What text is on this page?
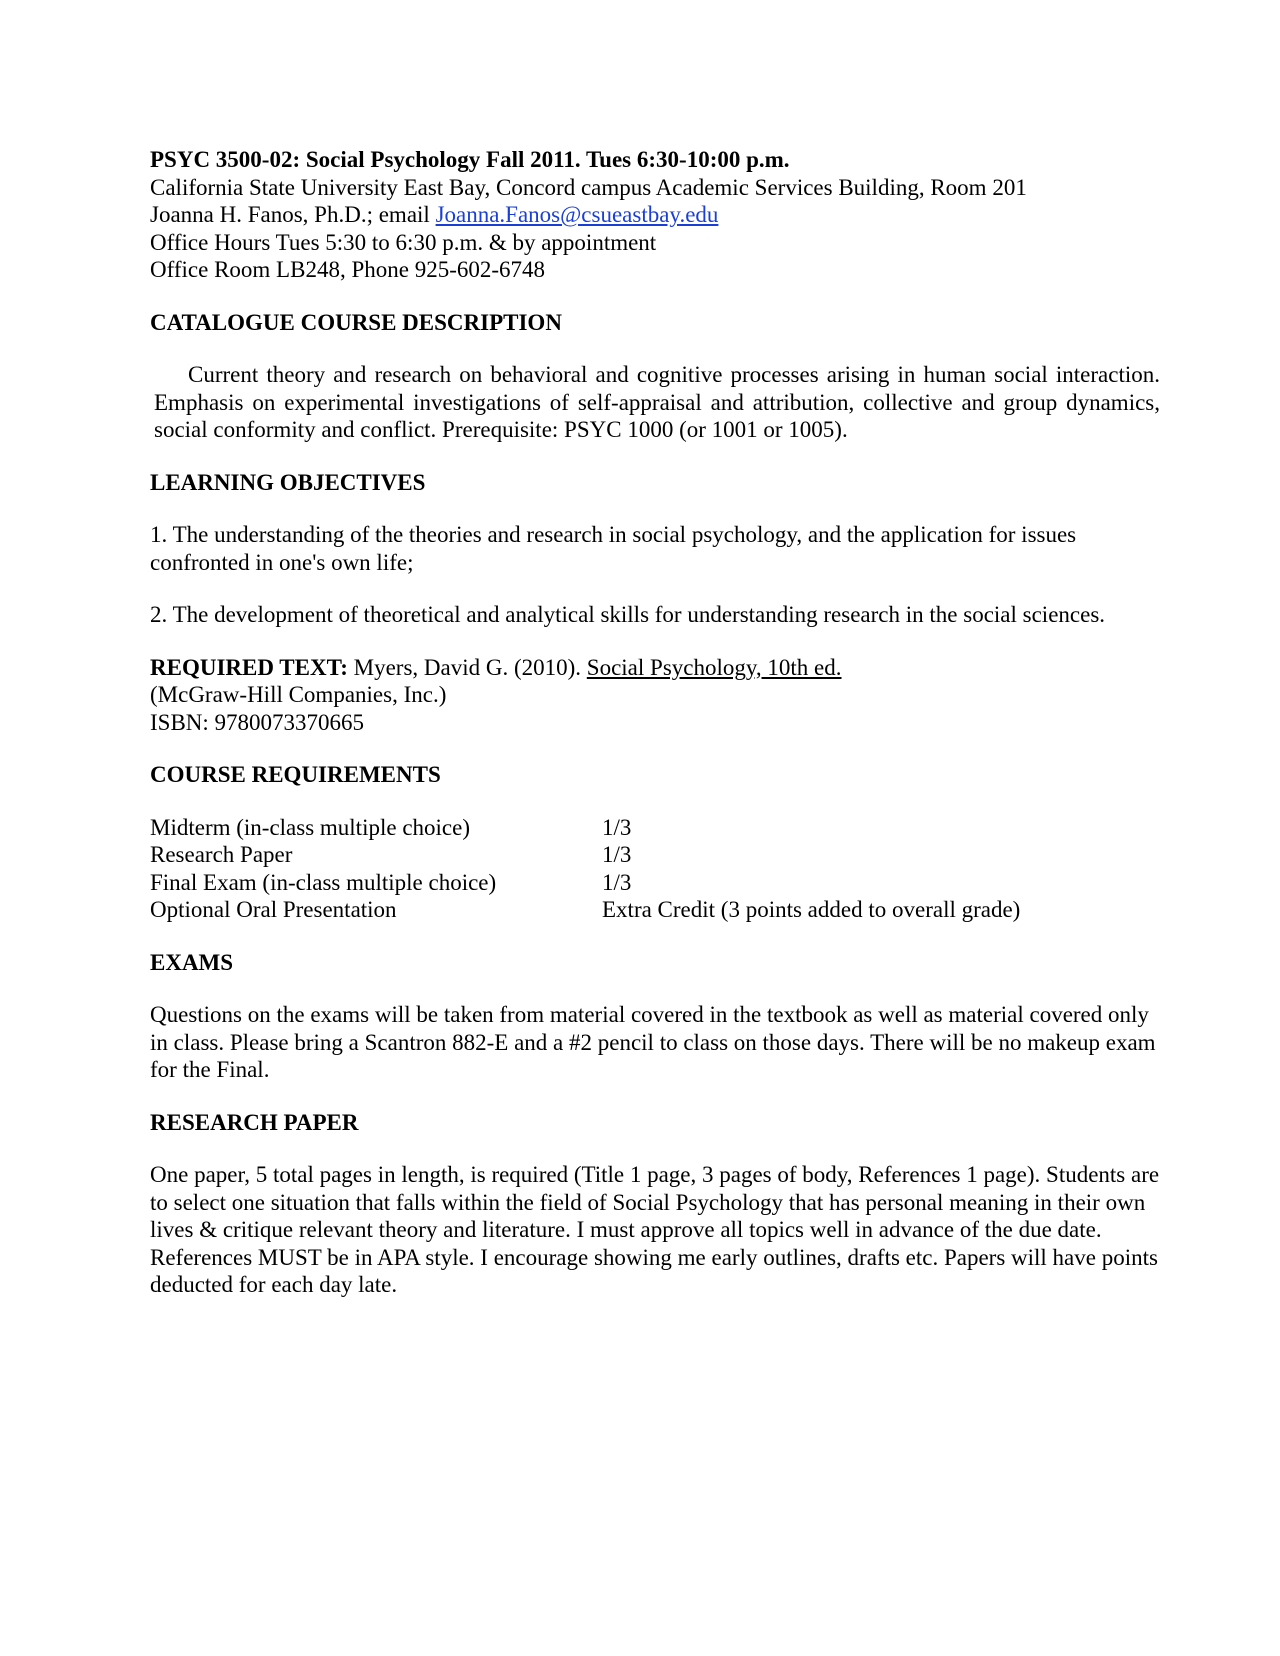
PSYC 3500-02: Social Psychology Fall 2011. Tues 6:30-10:00 p.m.
California State University East Bay, Concord campus Academic Services Building, Room 201
Joanna H. Fanos, Ph.D.; email Joanna.Fanos@csueastbay.edu
Office Hours Tues 5:30 to 6:30 p.m. & by appointment
Office Room LB248, Phone 925-602-6748
CATALOGUE COURSE DESCRIPTION
Current theory and research on behavioral and cognitive processes arising in human social interaction. Emphasis on experimental investigations of self-appraisal and attribution, collective and group dynamics, social conformity and conflict. Prerequisite: PSYC 1000 (or 1001 or 1005).
LEARNING OBJECTIVES
1. The understanding of the theories and research in social psychology, and the application for issues confronted in one's own life;
2. The development of theoretical and analytical skills for understanding research in the social sciences.
REQUIRED TEXT: Myers, David G. (2010). Social Psychology, 10th ed.
(McGraw-Hill Companies, Inc.)
ISBN: 9780073370665
COURSE REQUIREMENTS
Midterm (in-class multiple choice)	1/3
Research Paper	1/3
Final Exam (in-class multiple choice)	1/3
Optional Oral Presentation	Extra Credit (3 points added to overall grade)
EXAMS
Questions on the exams will be taken from material covered in the textbook as well as material covered only in class. Please bring a Scantron 882-E and a #2 pencil to class on those days. There will be no makeup exam for the Final.
RESEARCH PAPER
One paper, 5 total pages in length, is required (Title 1 page, 3 pages of body, References 1 page). Students are to select one situation that falls within the field of Social Psychology that has personal meaning in their own lives & critique relevant theory and literature. I must approve all topics well in advance of the due date. References MUST be in APA style. I encourage showing me early outlines, drafts etc. Papers will have points deducted for each day late.
